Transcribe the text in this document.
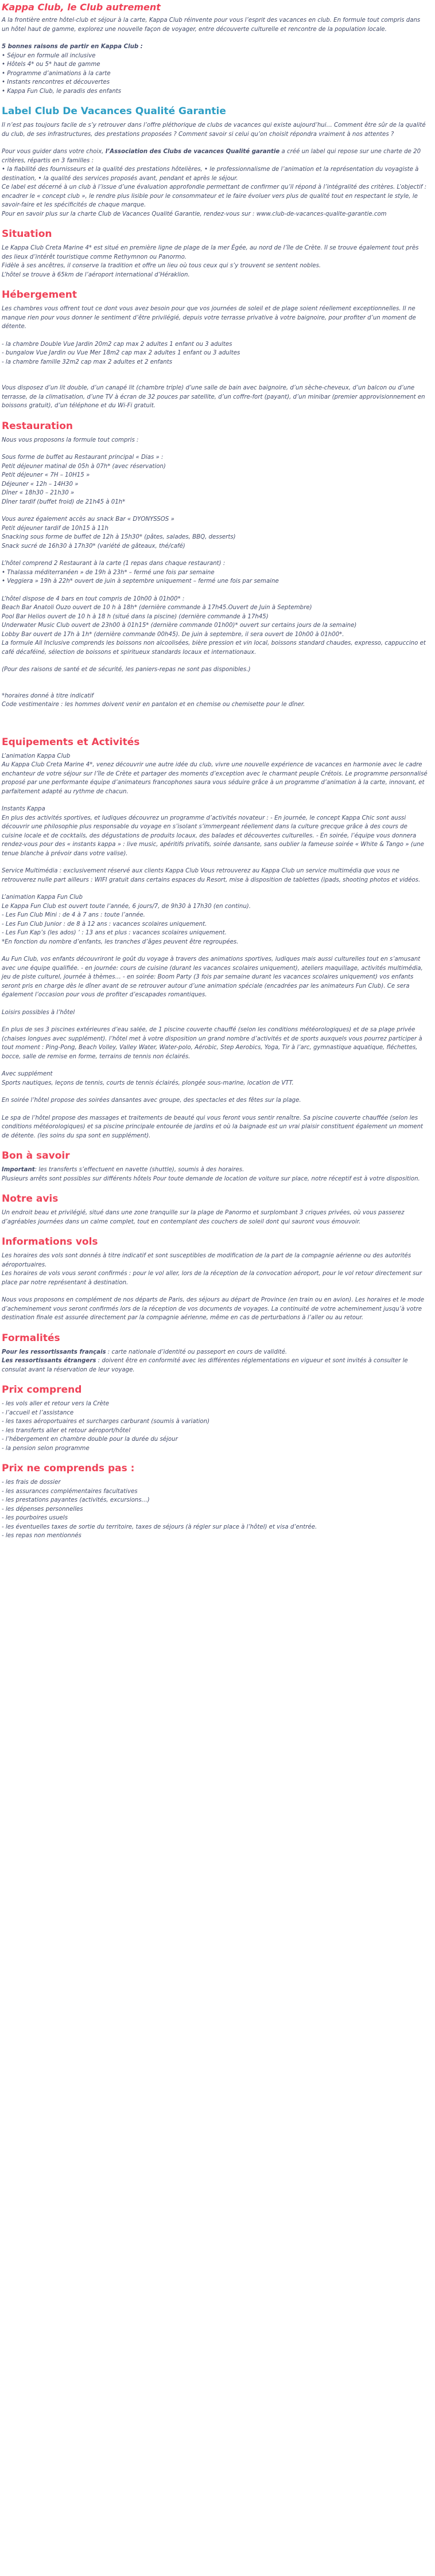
Kappa Club, le Club autrement

A la frontière entre hôtel-club et séjour à la carte, Kappa Club réinvente pour vous l’esprit des vacances en club. En formule tout compris dans un hôtel haut de gamme, explorez une nouvelle façon de voyager, entre découverte culturelle et rencontre de la population locale.

5 bonnes raisons de partir en Kappa Club :
• Séjour en formule all inclusive
• Hôtels 4* ou 5* haut de gamme
• Programme d’animations à la carte
• Instants rencontres et découvertes
• Kappa Fun Club, le paradis des enfants
Label Club De Vacances Qualité Garantie

Il n’est pas toujours facile de s’y retrouver dans l’offre pléthorique de clubs de vacances qui existe aujourd’hui… Comment être sûr de la qualité du club, de ses infrastructures, des prestations proposées ? Comment savoir si celui qu’on choisit répondra vraiment à nos attentes ?

Pour vous guider dans votre choix, l’Association des Clubs de vacances Qualité garantie a créé un label qui repose sur une charte de 20 critères, répartis en 3 familles :
• la fiabilité des fournisseurs et la qualité des prestations hôtelières, • le professionnalisme de l’animation et la représentation du voyagiste à destination, • la qualité des services proposés avant, pendant et après le séjour.
Ce label est décerné à un club à l’issue d’une évaluation approfondie permettant de confirmer qu’il répond à l’intégralité des critères. L’objectif : encadrer le « concept club », le rendre plus lisible pour le consommateur et le faire évoluer vers plus de qualité tout en respectant le style, le savoir-faire et les spécificités de chaque marque.

Pour en savoir plus sur la charte Club de Vacances Qualité Garantie, rendez-vous sur : www.club-de-vacances-qualite-garantie.com

Situation
Le Kappa Club Creta Marine 4* est situé en première ligne de plage de la mer Égée, au nord de l’île de Crète. Il se trouve également tout près des lieux d’intérêt touristique comme Rethymnon ou Panormo.
Fidèle à ses ancêtres, il conserve la tradition et offre un lieu où tous ceux qui s’y trouvent se sentent nobles.

L’hôtel se trouve à 65km de l’aéroport international d’Héraklion.

Hébergement

Les chambres vous offrent tout ce dont vous avez besoin pour que vos journées de soleil et de plage soient réellement exceptionnelles. Il ne manque rien pour vous donner le sentiment d’être privilégié, depuis votre terrasse privative à votre baignoire, pour profiter d’un moment de détente.

- la chambre Double Vue Jardin 20m2 cap max 2 adultes 1 enfant ou 3 adultes
- bungalow Vue Jardin ou Vue Mer 18m2 cap max 2 adultes 1 enfant ou 3 adultes
- la chambre famille 32m2 cap max 2 adultes et 2 enfants

Vous disposez d’un lit double, d’un canapé lit (chambre triple) d’une salle de bain avec baignoire, d’un sèche-cheveux, d’un balcon ou d’une terrasse, de la climatisation, d’une TV à écran de 32 pouces par satellite, d’un coffre-fort (payant), d’un minibar (premier approvisionnement en boissons gratuit), d’un téléphone et du Wi-Fi gratuit.

Restauration

Nous vous proposons la formule tout compris :

Sous forme de buffet au Restaurant principal « Dias » :
Petit déjeuner matinal de 05h à 07h* (avec réservation)
Petit déjeuner « 7H – 10H15 »
Déjeuner « 12h – 14H30 »
Dîner « 18h30 – 21h30 »
Dîner tardif (buffet froid) de 21h45 à 01h*
Vous aurez également accès au snack Bar « DYONYSSOS »
Petit déjeuner tardif de 10h15 à 11h
Snacking sous forme de buffet de 12h à 15h30* (pâtes, salades, BBQ, desserts)
Snack sucré de 16h30 à 17h30* (variété de gâteaux, thé/café)
L’hôtel comprend 2 Restaurant à la carte (1 repas dans chaque restaurant) :
• Thalassa méditerranéen » de 19h à 23h* – fermé une fois par semaine
• Veggiera » 19h à 22h* ouvert de juin à septembre uniquement – fermé une fois par semaine
L’hôtel dispose de 4 bars en tout compris de 10h00 à 01h00* :
Beach Bar Anatoli Ouzo ouvert de 10 h à 18h* (dernière commande à 17h45.Ouvert de Juin à Septembre)
Pool Bar Helios ouvert de 10 h à 18 h (situé dans la piscine) (dernière commande à 17h45)
Underwater Music Club ouvert de 23h00 à 01h15* (dernière commande 01h00)* ouvert sur certains jours de la semaine)
Lobby Bar ouvert de 17h à 1h* (dernière commande 00h45). De juin à septembre, il sera ouvert de 10h00 à 01h00*.
La formule All Inclusive comprends les boissons non alcoolisées, bière pression et vin local, boissons standard chaudes, expresso, cappuccino et café décaféiné, sélection de boissons et spiritueux standards locaux et internationaux.

(Pour des raisons de santé et de sécurité, les paniers-repas ne sont pas disponibles.)

*horaires donné à titre indicatif
Code vestimentaire : les hommes doivent venir en pantalon et en chemise ou chemisette pour le dîner.
Equipements et Activités
L’animation Kappa Club

Au Kappa Club Creta Marine 4*, venez découvrir une autre idée du club, vivre une nouvelle expérience de vacances en harmonie avec le cadre enchanteur de votre séjour sur l’île de Crète et partager des moments d’exception avec le charmant peuple Crétois. Le programme personnalisé proposé par une performante équipe d’animateurs francophones saura vous séduire grâce à un programme d’animation à la carte, innovant, et parfaitement adapté au rythme de chacun.

Instants Kappa

En plus des activités sportives, et ludiques découvrez un programme d’activités novateur : - En journée, le concept Kappa Chic sont aussi découvrir une philosophie plus responsable du voyage en s’isolant s’immergeant réellement dans la culture grecque grâce à des cours de cuisine locale et de cocktails, des dégustations de produits locaux, des balades et découvertes culturelles. - En soirée, l’équipe vous donnera rendez-vous pour des « instants kappa » : live music, apéritifs privatifs, soirée dansante, sans oublier la fameuse soirée « White & Tango » (une tenue blanche à prévoir dans votre valise).

Service Multimédia : exclusivement réservé aux clients Kappa Club Vous retrouverez au Kappa Club un service multimédia que vous ne retrouverez nulle part ailleurs : WIFI gratuit dans certains espaces du Resort, mise à disposition de tablettes (ipads, shooting photos et vidéos.

L’animation Kappa Fun Club
Le Kappa Fun Club est ouvert toute l’année, 6 jours/7, de 9h30 à 17h30 (en continu).
- Les Fun Club Mini : de 4 à 7 ans : toute l’année.
- Les Fun Club Junior : de 8 à 12 ans : vacances scolaires uniquement.
- Les Fun Kap’s (les ados) ‘ : 13 ans et plus : vacances scolaires uniquement.
*En fonction du nombre d’enfants, les tranches d’âges peuvent être regroupées.

Au Fun Club, vos enfants découvriront le goût du voyage à travers des animations sportives, ludiques mais aussi culturelles tout en s’amusant avec une équipe qualifiée. - en journée: cours de cuisine (durant les vacances scolaires uniquement), ateliers maquillage, activités multimédia, jeu de piste culturel, journée à thèmes… - en soirée: Boom Party (3 fois par semaine durant les vacances scolaires uniquement) vos enfants seront pris en charge dès le dîner avant de se retrouver autour d’une animation spéciale (encadrées par les animateurs Fun Club). Ce sera également l’occasion pour vous de profiter d’escapades romantiques.

Loisirs possibles à l’hôtel

En plus de ses 3 piscines extérieures d’eau salée, de 1 piscine couverte chauffé (selon les conditions météorologiques) et de sa plage privée (chaises longues avec supplément). l’hôtel met à votre disposition un grand nombre d’activités et de sports auxquels vous pourrez participer à tout moment : Ping-Pong, Beach Volley, Valley Water, Water-polo, Aérobic, Step Aerobics, Yoga, Tir à l’arc, gymnastique aquatique, fléchettes, bocce, salle de remise en forme, terrains de tennis non éclairés.

Avec supplément

Sports nautiques, leçons de tennis, courts de tennis éclairés, plongée sous-marine, location de VTT.

En soirée l’hôtel propose des soirées dansantes avec groupe, des spectacles et des fêtes sur la plage.

Le spa de l’hôtel propose des massages et traitements de beauté qui vous feront vous sentir renaître. Sa piscine couverte chauffée (selon les conditions météorologiques) et sa piscine principale entourée de jardins et où la baignade est un vrai plaisir constituent également un moment de détente. (les soins du spa sont en supplément).

Bon à savoir
Important: les transferts s’effectuent en navette (shuttle), soumis à des horaires.

Plusieurs arrêts sont possibles sur différents hôtels Pour toute demande de location de voiture sur place, notre réceptif est à votre disposition.

Notre avis

Un endroit beau et privilégié, situé dans une zone tranquille sur la plage de Panormo et surplombant 3 criques privées, où vous passerez d’agréables journées dans un calme complet, tout en contemplant des couchers de soleil dont qui sauront vous émouvoir.

Informations vols
Les horaires des vols sont donnés à titre indicatif et sont susceptibles de modification de la part de la compagnie aérienne ou des autorités aéroportuaires.

Les horaires de vols vous seront confirmés : pour le vol aller, lors de la réception de la convocation aéroport, pour le vol retour directement sur place par notre représentant à destination.

Nous vous proposons en complément de nos départs de Paris, des séjours au départ de Province (en train ou en avion). Les horaires et le mode d’acheminement vous seront confirmés lors de la réception de vos documents de voyages. La continuité de votre acheminement jusqu’à votre destination finale est assurée directement par la compagnie aérienne, même en cas de perturbations à l’aller ou au retour.

Formalités
Pour les ressortissants français : carte nationale d’identité ou passeport en cours de validité.

Les ressortissants étrangers : doivent être en conformité avec les différentes réglementations en vigueur et sont invités à consulter le consulat avant la réservation de leur voyage.

Prix comprend
- les vols aller et retour vers la Crète
- l’accueil et l’assistance
- les taxes aéroportuaires et surcharges carburant (soumis à variation)
- les transferts aller et retour aéroport/hôtel
- l’hébergement en chambre double pour la durée du séjour
- la pension selon programme
Prix ne comprends pas :
- les frais de dossier
- les assurances complémentaires facultatives
- les prestations payantes (activités, excursions…)
- les dépenses personnelles
- les pourboires usuels
- les éventuelles taxes de sortie du territoire, taxes de séjours (à régler sur place à l’hôtel) et visa d’entrée.
- les repas non mentionnés
